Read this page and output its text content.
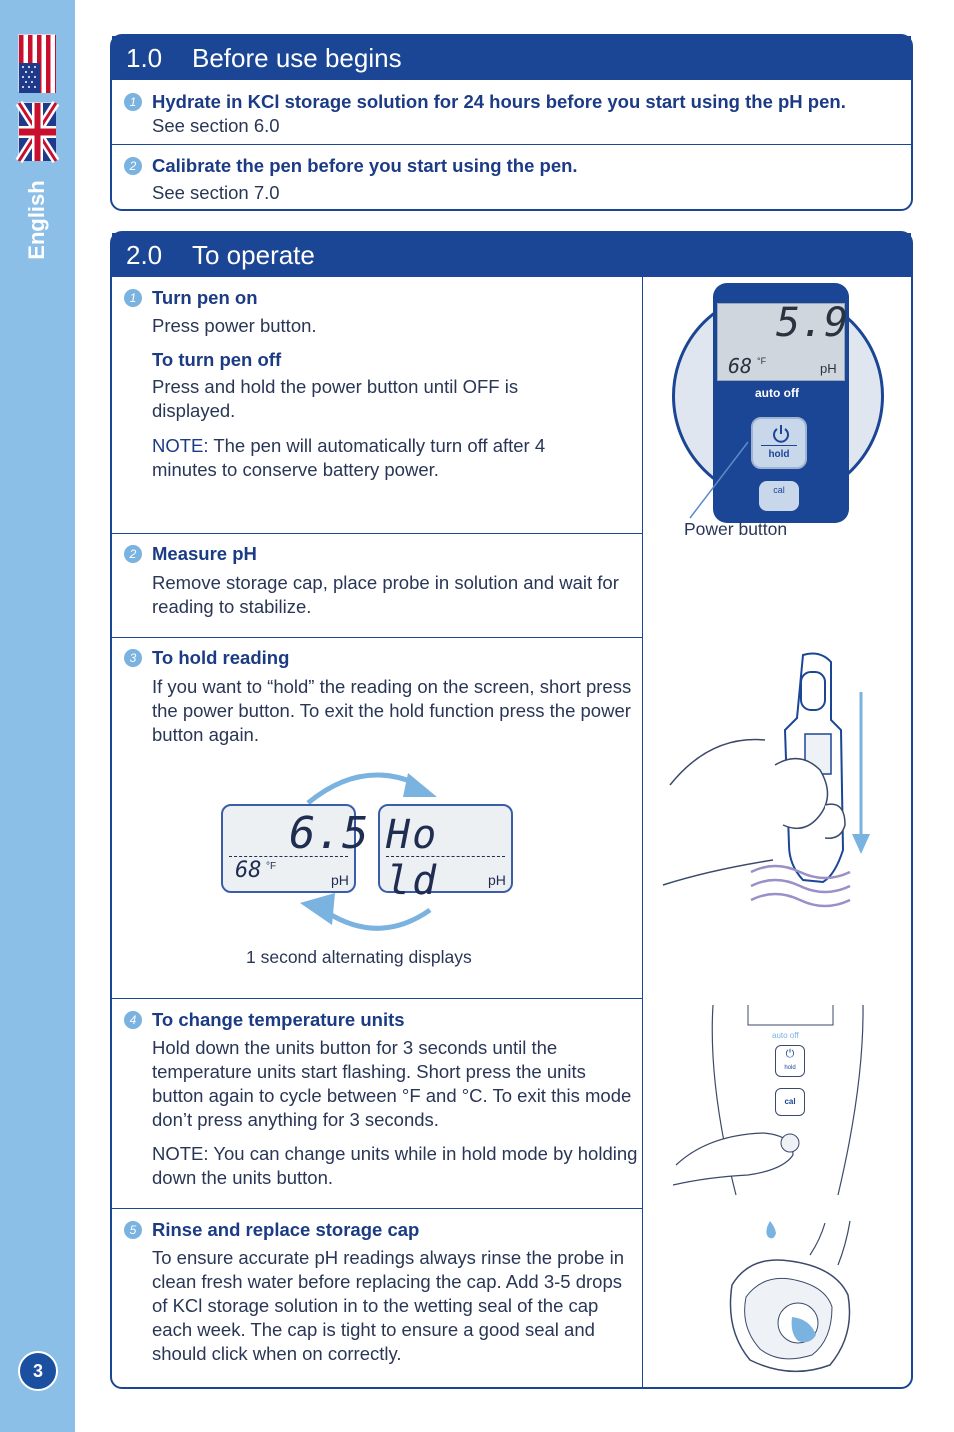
English
3
1.0	Before use begins
1 Hydrate in KCl storage solution for 24 hours before you start using the pH pen.
See section 6.0
2 Calibrate the pen before you start using the pen.
See section 7.0
2.0	To operate
1 Turn pen on
Press power button.
To turn pen off
Press and hold the power button until OFF is displayed.
NOTE: The pen will automatically turn off after 4 minutes to conserve battery power.
2 Measure pH
Remove storage cap, place probe in solution and wait for reading to stabilize.
3 To hold reading
If you want to “hold” the reading on the screen, short press the power button. To exit the hold function press the power button again.
4 To change temperature units
Hold down the units button for 3 seconds until the temperature units start flashing. Short press the units button again to cycle between °F and °C. To exit this mode don’t press anything for 3 seconds.
NOTE: You can change units while in hold mode by holding down the units button.
5 Rinse and replace storage cap
To ensure accurate pH readings always rinse the probe in clean fresh water before replacing the cap. Add 3-5 drops of KCl storage solution in to the wetting seal of the cap each week. The cap is tight to ensure a good seal and should click when on correctly.
6.5
68 °F
pH
Ho ld	pH
1 second alternating displays
5.9
68 °F	pH
auto off
hold
cal
Power button
auto off
⏻
hold
cal
